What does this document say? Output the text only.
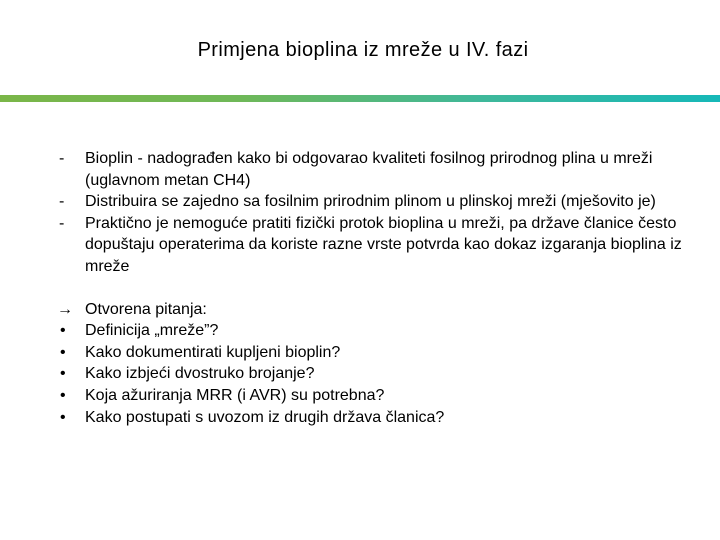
Primjena bioplina iz mreže u IV. fazi
- Bioplin - nadograđen kako bi odgovarao kvaliteti fosilnog prirodnog plina u mreži (uglavnom metan CH4)
- Distribuira se zajedno sa fosilnim prirodnim plinom u plinskoj mreži (mješovito je)
- Praktično je nemoguće pratiti fizički protok bioplina u mreži, pa države članice često dopuštaju operaterima da koriste razne vrste potvrda kao dokaz izgaranja bioplina iz mreže
→ Otvorena pitanja:
• Definicija „mreže”?
• Kako dokumentirati kupljeni bioplin?
• Kako izbjeći dvostruko brojanje?
• Koja ažuriranja MRR (i AVR) su potrebna?
• Kako postupati s uvozom iz drugih država članica?
